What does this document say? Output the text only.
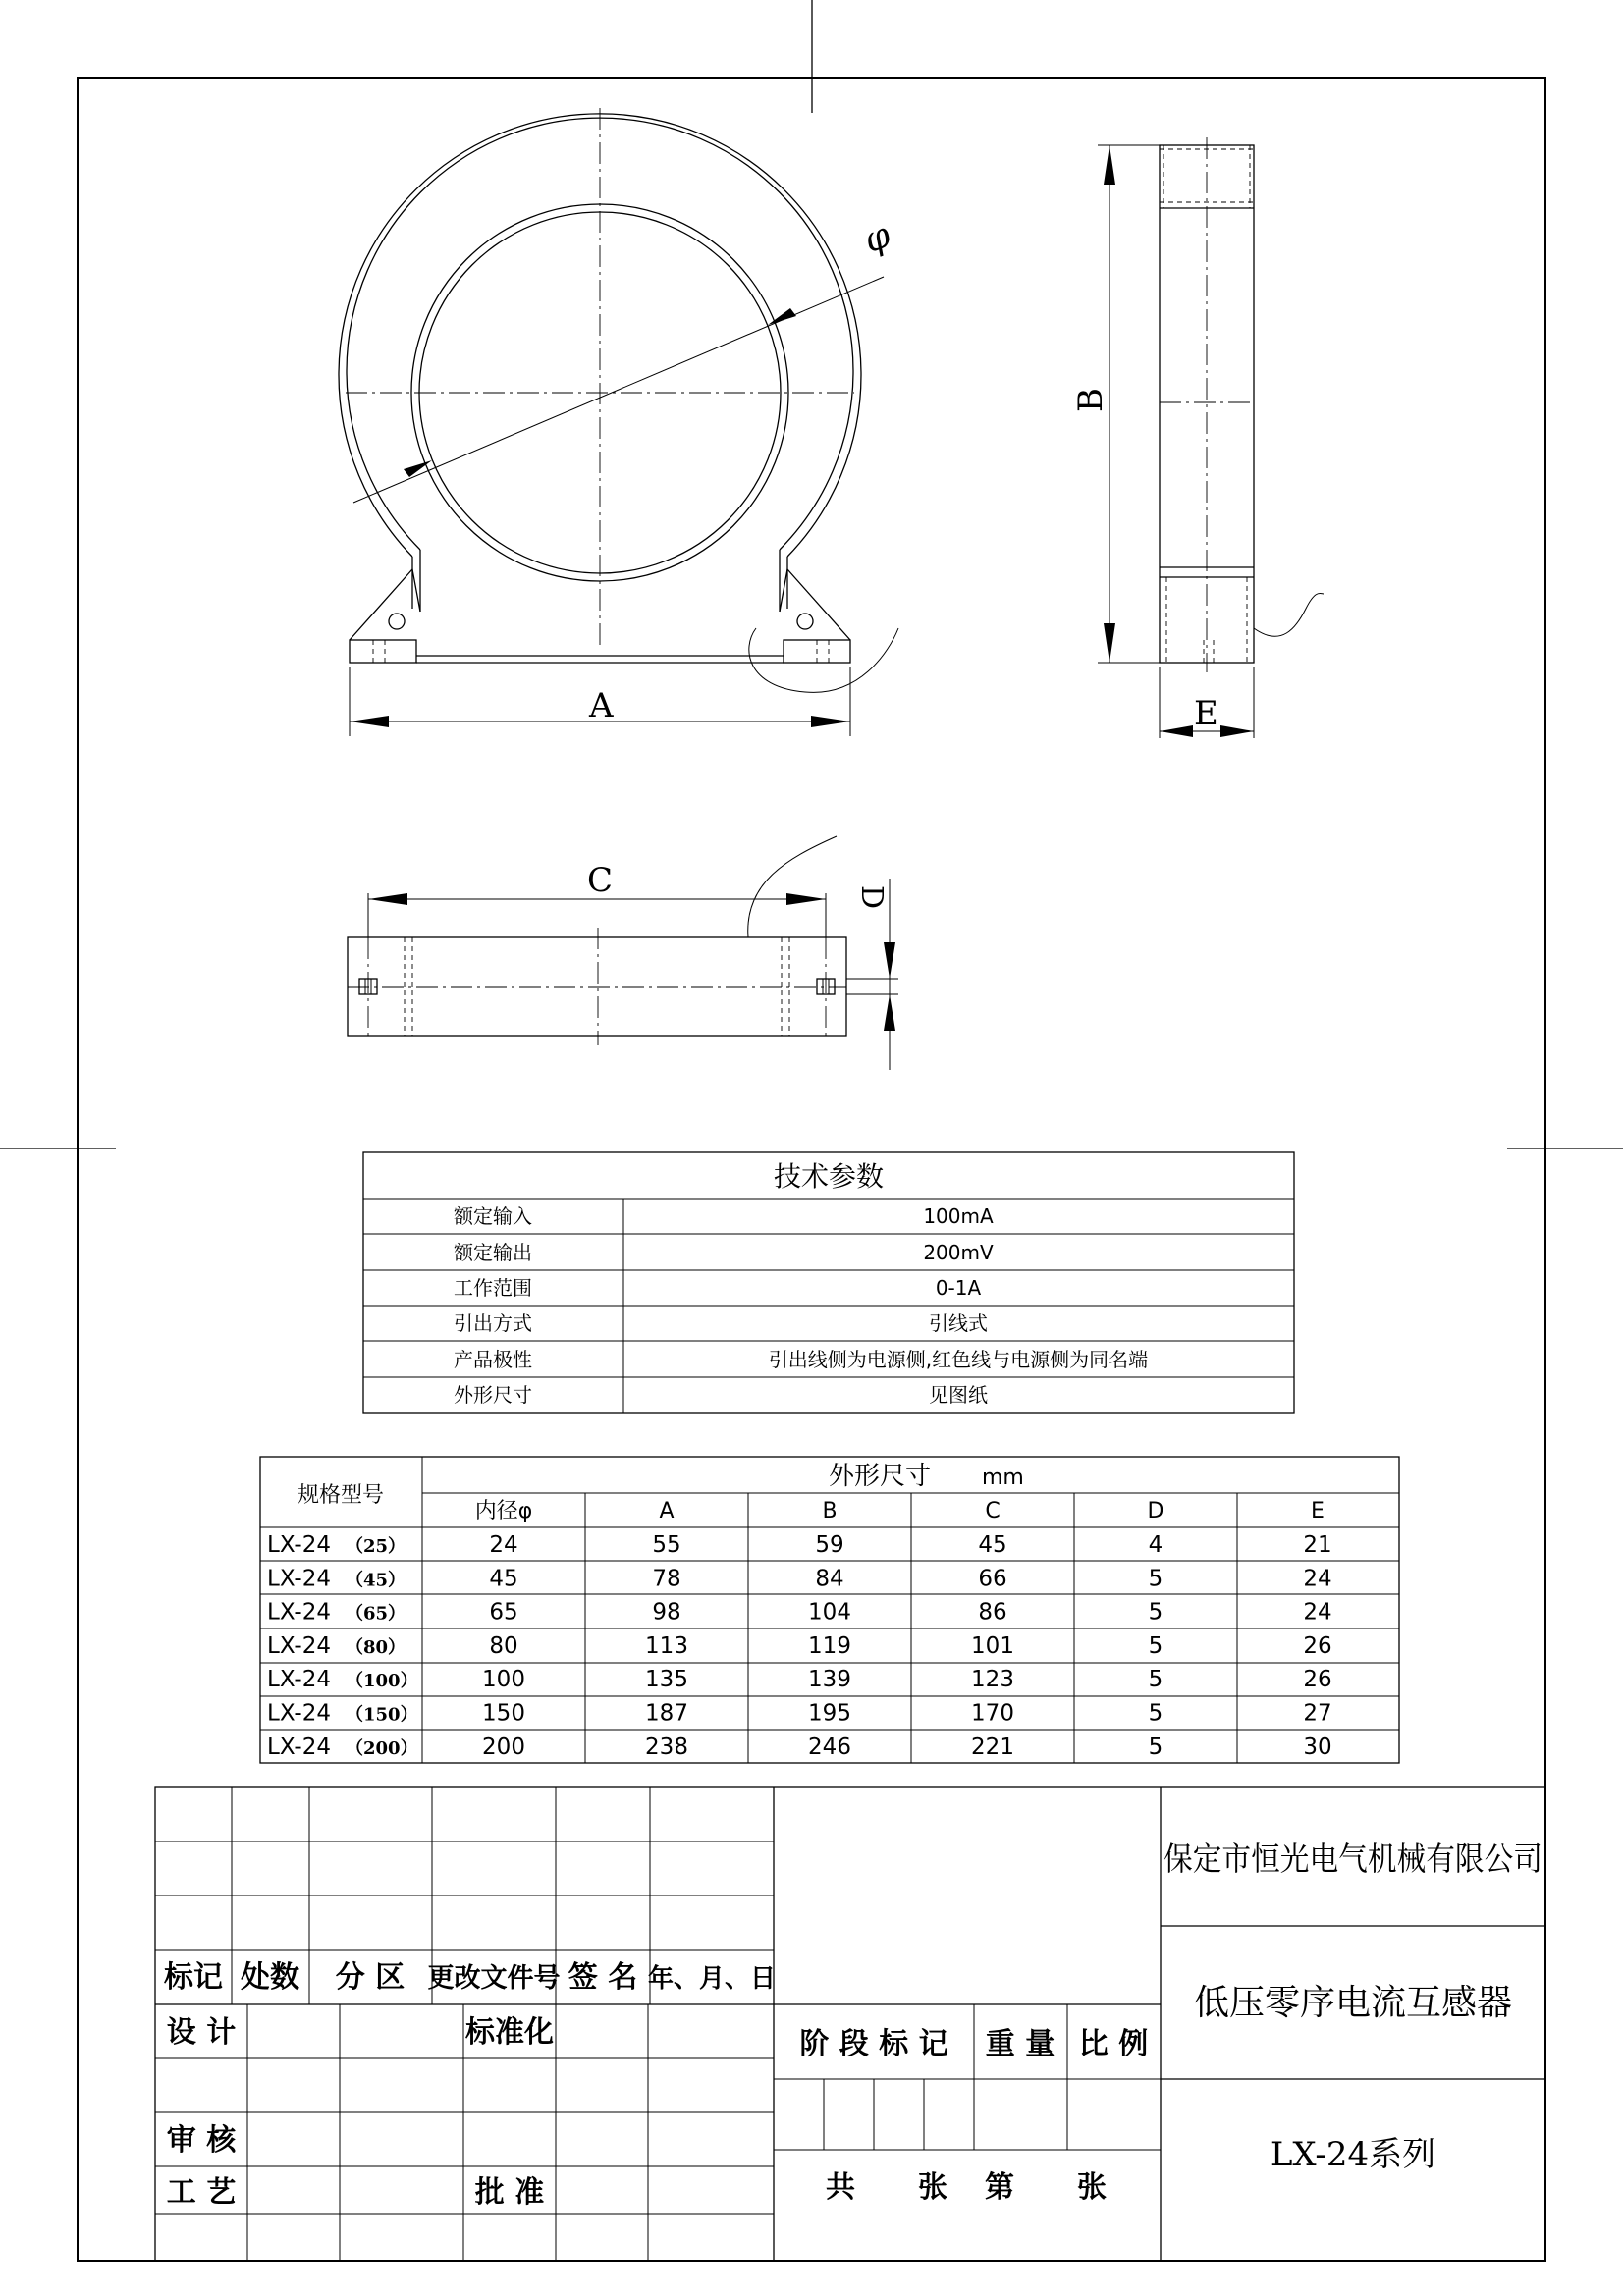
φ
A
B
E
C	D
技术参数
额定输入	100mA
额定输出	200mV
工作范围	0-1A
引出方式	引线式
产品极性	引出线侧为电源侧,红色线与电源侧为同名端
外形尺寸	见图纸
规格型号
外形尺寸 mm
内径φ	A	B	C	D	E
LX-24 （25）	24	55	59	45	4	21
LX-24 （45）	45	78	84	66	5	24
LX-24 （65）	65	98	104	86	5	24
LX-24 （80）	80	113	119	101	5	26
LX-24 （100）	100	135	139	123	5	26
LX-24 （150）	150	187	195	170	5	27
LX-24 （200）	200	238	246	221	5	30
标记 处数 分 区 更改文件号 签 名 年、月、日
设 计	标准化
审 核
工 艺	批 准
阶 段 标 记 重 量 比 例
共 张 第 张
保定市恒光电气机械有限公司
低压零序电流互感器
LX-24系列
